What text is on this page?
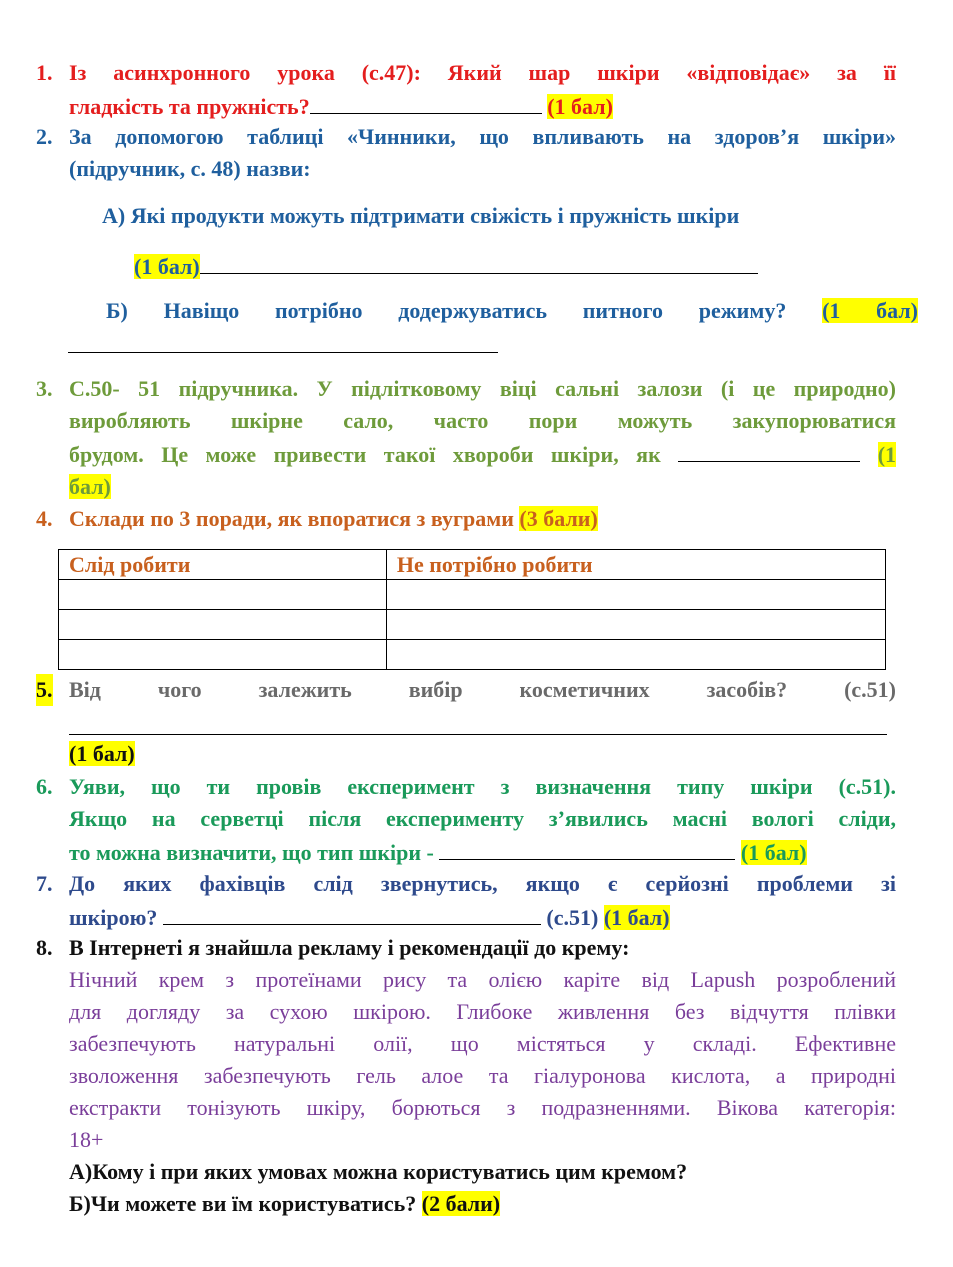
1. Із асинхронного урока (с.47): Який шар шкіри «відповідає» за її
гладкість та пружність?	(1 бал)
2. За допомогою таблиці «Чинники, що впливають на здоров’я шкіри»
(підручник, с. 48) назви:
А) Які продукти можуть підтримати свіжість і пружність шкіри
(1 бал)
Б) Навіщо потрібно додержуватись питного режиму? (1 бал)
3. С.50- 51 підручника. У підлітковому віці сальні залози (і це природно)
виробляють шкірне сало, часто пори можуть закупорюватися
брудом. Це може привести такої хвороби шкіри, як	(1
бал)
4. Склади по 3 поради, як впоратися з вуграми (3 бали)
Слід робити	Не потрібно робити

5. Від чого залежить вибір косметичних засобів? (с.51)
(1 бал)
6. Уяви, що ти провів експеримент з визначення типу шкіри (с.51).
Якщо на серветці після експерименту з’явились масні вологі сліди,
то можна визначити, що тип шкіри -	(1 бал)
7. До яких фахівців слід звернутись, якщо є серйозні проблеми зі
шкірою?	(с.51) (1 бал)
8. В Інтернеті я знайшла рекламу і рекомендації до крему:
Нічний крем з протеїнами рису та олією каріте від Lapush розроблений
для догляду за сухою шкірою. Глибоке живлення без відчуття плівки
забезпечують натуральні олії, що містяться у складі. Ефективне
зволоження забезпечують гель алое та гіалуронова кислота, а природні
екстракти тонізують шкіру, борються з подразненнями. Вікова категорія:
18+
А)Кому і при яких умовах можна користуватись цим кремом?
Б)Чи можете ви їм користуватись? (2 бали)
